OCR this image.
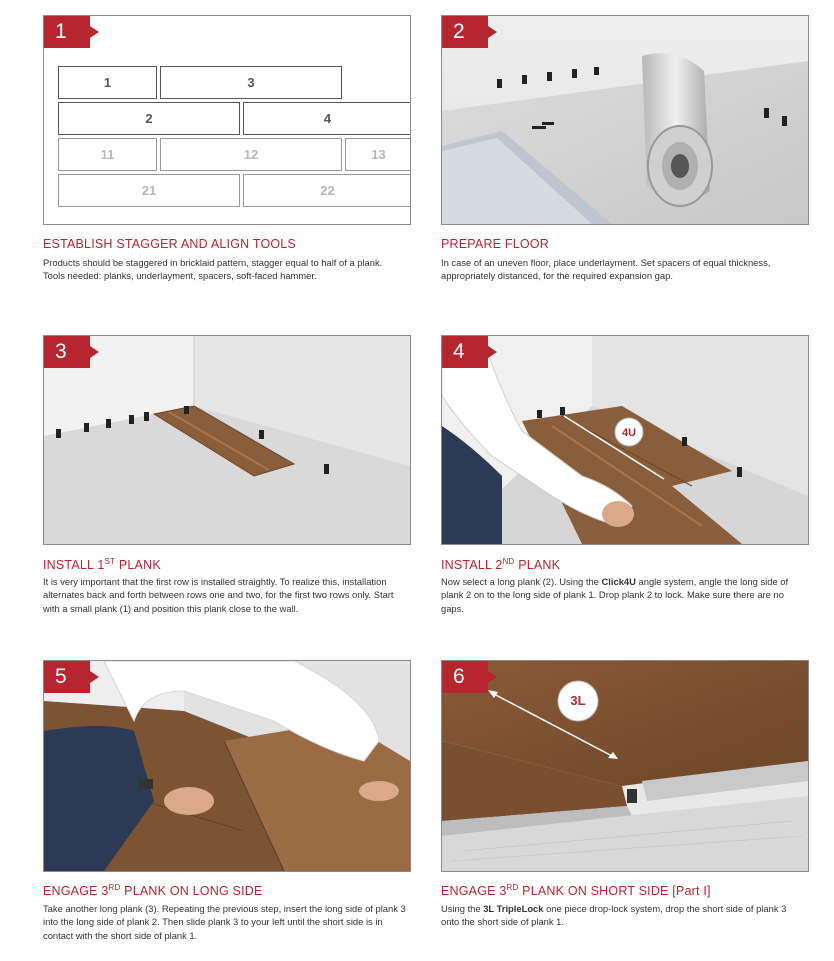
1
1	3
2	4
11	12	13
21	22
ESTABLISH STAGGER AND ALIGN TOOLS
Products should be staggered in bricklaid pattern, stagger equal to half of a plank. Tools needed: planks, underlayment, spacers, soft-faced hammer.
2
PREPARE FLOOR
In case of an uneven floor, place underlayment. Set spacers of equal thickness, appropriately distanced, for the required expansion gap.
3
INSTALL 1ST PLANK
It is very important that the first row is installed straightly. To realize this, installation alternates back and forth between rows one and two, for the first two rows only. Start with a small plank (1) and position this plank close to the wall.
4
4U
INSTALL 2ND PLANK
Now select a long plank (2). Using the Click4U angle system, angle the long side of plank 2 on to the long side of plank 1. Drop plank 2 to lock. Make sure there are no gaps.
5
ENGAGE 3RD PLANK ON LONG SIDE
Take another long plank (3). Repeating the previous step, insert the long side of plank 3 into the long side of plank 2. Then slide plank 3 to your left until the short side is in contact with the short side of plank 1.
6
3L
ENGAGE 3RD PLANK ON SHORT SIDE [Part I]
Using the 3L TripleLock one piece drop-lock system, drop the short side of plank 3 onto the short side of plank 1.
